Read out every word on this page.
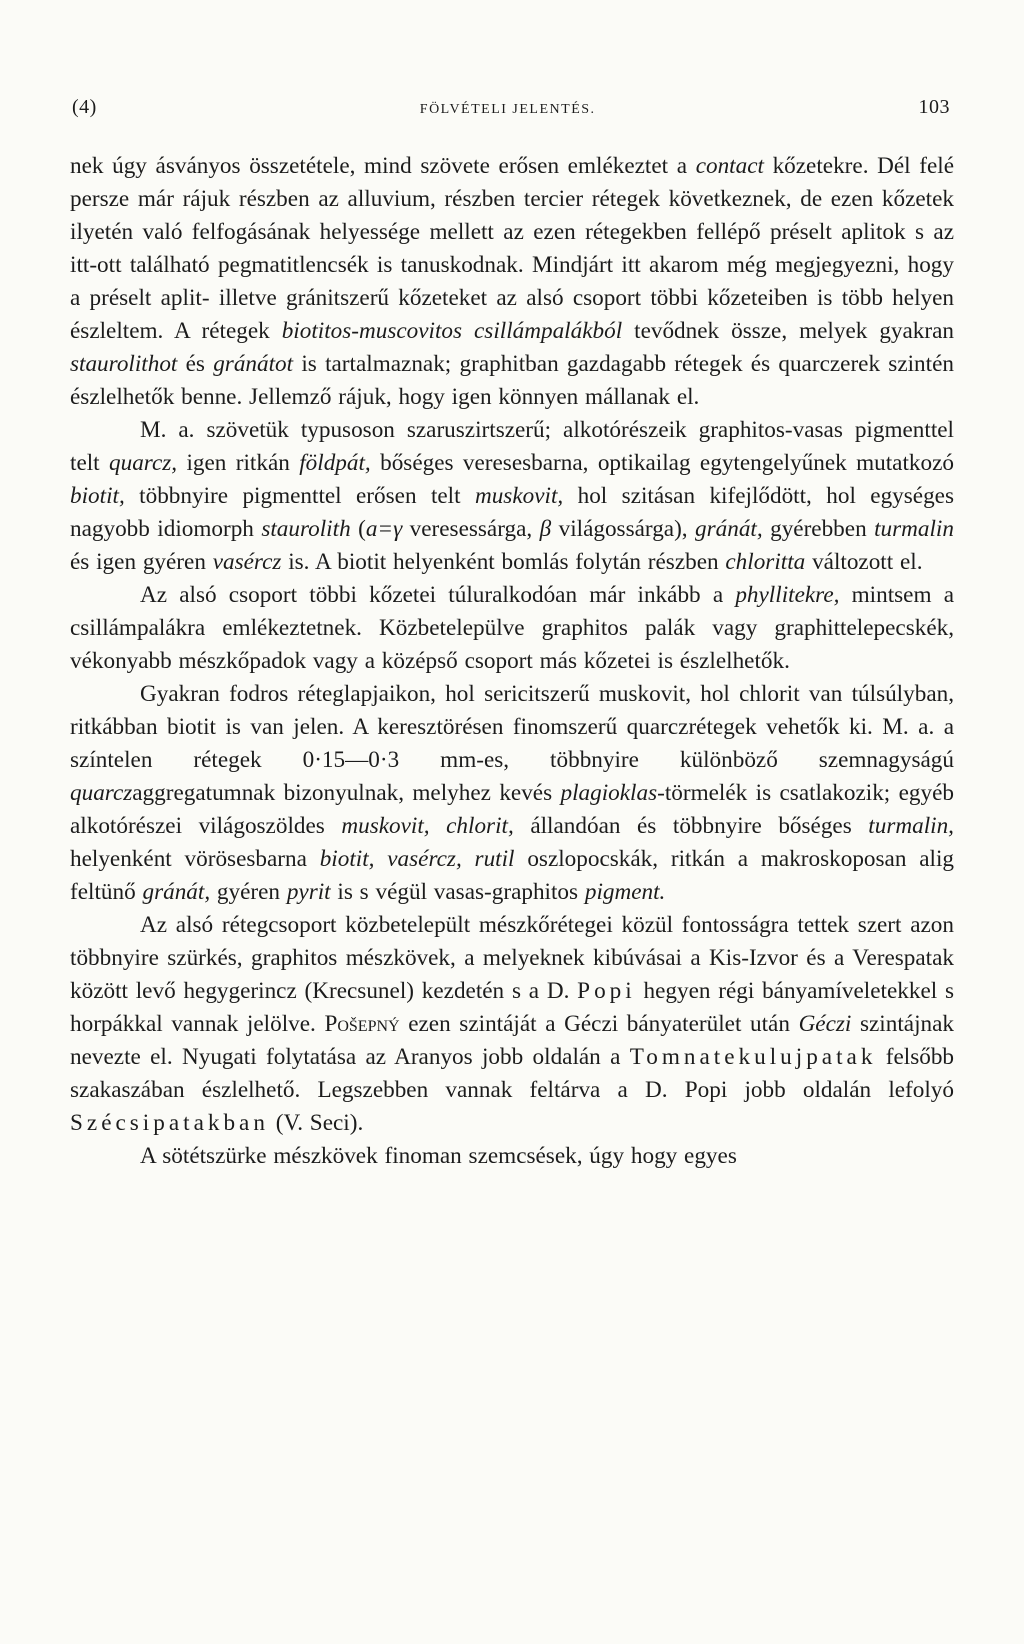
(4)	FÖLVÉTELI JELENTÉS.	103

nek úgy ásványos összetétele, mind szövete erősen emlékeztet a contact kőzetekre. Dél felé persze már rájuk részben az alluvium, részben tercier rétegek következnek, de ezen kőzetek ilyetén való felfogásának helyessége mellett az ezen rétegekben fellépő préselt aplitok s az itt-ott található pegmatitlencsék is tanuskodnak. Mindjárt itt akarom még megjegyezni, hogy a préselt aplit- illetve gránitszerű kőzeteket az alsó csoport többi kőzeteiben is több helyen észleltem. A rétegek biotitos-muscovitos csillámpalákból tevődnek össze, melyek gyakran staurolithot és gránátot is tartalmaznak; graphitban gazdagabb rétegek és quarczerek szintén észlelhetők benne. Jellemző rájuk, hogy igen könnyen mállanak el.

M. a. szövetük typusoson szaruszirtszerű; alkotórészeik graphitos-vasas pigmenttel telt quarcz, igen ritkán földpát, bőséges veresesbarna, optikailag egytengelyűnek mutatkozó biotit, többnyire pigmenttel erősen telt muskovit, hol szitásan kifejlődött, hol egységes nagyobb idiomorph staurolith (a=γ veresessárga, β világossárga), gránát, gyérebben turmalin és igen gyéren vasércz is. A biotit helyenként bomlás folytán részben chloritta változott el.

Az alsó csoport többi kőzetei túluralkodóan már inkább a phyllitekre, mintsem a csillámpalákra emlékeztetnek. Közbetelepülve graphitos palák vagy graphittelepecskék, vékonyabb mészkőpadok vagy a középső csoport más kőzetei is észlelhetők.

Gyakran fodros réteglapjaikon, hol sericitszerű muskovit, hol chlorit van túlsúlyban, ritkábban biotit is van jelen. A keresztörésen finomszerű quarczrétegek vehetők ki. M. a. a színtelen rétegek 0·15—0·3 mm-es, többnyire különböző szemnagyságú quarczaggregatumnak bizonyulnak, melyhez kevés plagioklas-törmelék is csatlakozik; egyéb alkotórészei világoszöldes muskovit, chlorit, állandóan és többnyire bőséges turmalin, helyenként vörösesbarna biotit, vasércz, rutil oszlopocskák, ritkán a makroskoposan alig feltünő gránát, gyéren pyrit is s végül vasas-graphitos pigment.

Az alsó rétegcsoport közbetelepült mészkőrétegei közül fontosságra tettek szert azon többnyire szürkés, graphitos mészkövek, a melyeknek kibúvásai a Kis-Izvor és a Verespatak között levő hegygerincz (Krecsunel) kezdetén s a D. Popi hegyen régi bányamíveletekkel s horpákkal vannak jelölve. Pošepný ezen szintáját a Géczi bányaterület után Géczi szintájnak nevezte el. Nyugati folytatása az Aranyos jobb oldalán a Tomnatekulujpatak felsőbb szakaszában észlelhető. Legszebben vannak feltárva a D. Popi jobb oldalán lefolyó Szécsipatakban (V. Seci).

A sötétszürke mészkövek finoman szemcsések, úgy hogy egyes
